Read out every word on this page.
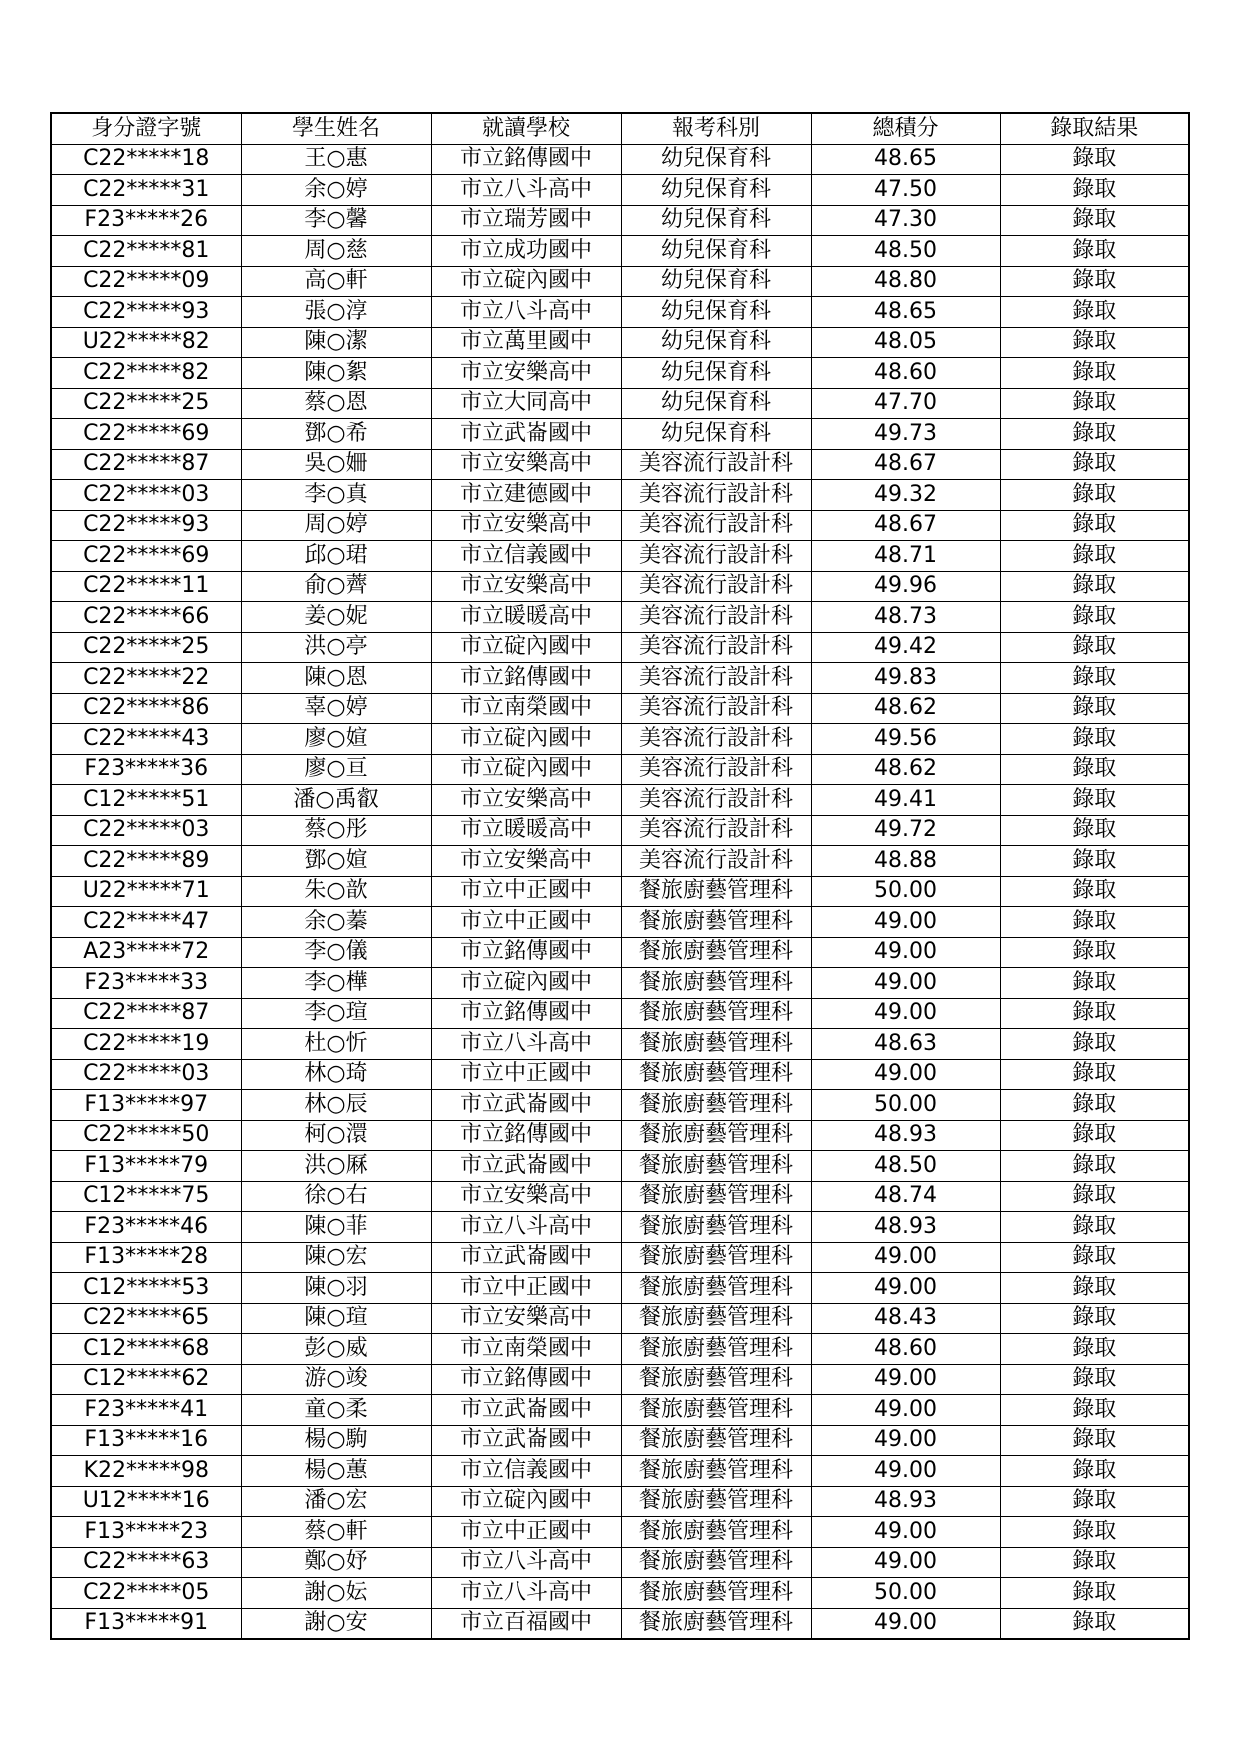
身分證字號	學生姓名	就讀學校	報考科別	總積分	錄取結果
C22*****18	王○惠	市立銘傳國中	幼兒保育科	48.65	錄取
C22*****31	余○婷	市立八斗高中	幼兒保育科	47.50	錄取
F23*****26	李○馨	市立瑞芳國中	幼兒保育科	47.30	錄取
C22*****81	周○慈	市立成功國中	幼兒保育科	48.50	錄取
C22*****09	高○軒	市立碇內國中	幼兒保育科	48.80	錄取
C22*****93	張○淳	市立八斗高中	幼兒保育科	48.65	錄取
U22*****82	陳○潔	市立萬里國中	幼兒保育科	48.05	錄取
C22*****82	陳○絮	市立安樂高中	幼兒保育科	48.60	錄取
C22*****25	蔡○恩	市立大同高中	幼兒保育科	47.70	錄取
C22*****69	鄧○希	市立武崙國中	幼兒保育科	49.73	錄取
C22*****87	吳○姍	市立安樂高中	美容流行設計科	48.67	錄取
C22*****03	李○真	市立建德國中	美容流行設計科	49.32	錄取
C22*****93	周○婷	市立安樂高中	美容流行設計科	48.67	錄取
C22*****69	邱○珺	市立信義國中	美容流行設計科	48.71	錄取
C22*****11	俞○薺	市立安樂高中	美容流行設計科	49.96	錄取
C22*****66	姜○妮	市立暖暖高中	美容流行設計科	48.73	錄取
C22*****25	洪○亭	市立碇內國中	美容流行設計科	49.42	錄取
C22*****22	陳○恩	市立銘傳國中	美容流行設計科	49.83	錄取
C22*****86	辜○婷	市立南榮國中	美容流行設計科	48.62	錄取
C22*****43	廖○媗	市立碇內國中	美容流行設計科	49.56	錄取
F23*****36	廖○亘	市立碇內國中	美容流行設計科	48.62	錄取
C12*****51	潘○禹叡	市立安樂高中	美容流行設計科	49.41	錄取
C22*****03	蔡○彤	市立暖暖高中	美容流行設計科	49.72	錄取
C22*****89	鄧○媗	市立安樂高中	美容流行設計科	48.88	錄取
U22*****71	朱○歆	市立中正國中	餐旅廚藝管理科	50.00	錄取
C22*****47	余○蓁	市立中正國中	餐旅廚藝管理科	49.00	錄取
A23*****72	李○儀	市立銘傳國中	餐旅廚藝管理科	49.00	錄取
F23*****33	李○樺	市立碇內國中	餐旅廚藝管理科	49.00	錄取
C22*****87	李○瑄	市立銘傳國中	餐旅廚藝管理科	49.00	錄取
C22*****19	杜○忻	市立八斗高中	餐旅廚藝管理科	48.63	錄取
C22*****03	林○琦	市立中正國中	餐旅廚藝管理科	49.00	錄取
F13*****97	林○辰	市立武崙國中	餐旅廚藝管理科	50.00	錄取
C22*****50	柯○澴	市立銘傳國中	餐旅廚藝管理科	48.93	錄取
F13*****79	洪○厤	市立武崙國中	餐旅廚藝管理科	48.50	錄取
C12*****75	徐○右	市立安樂高中	餐旅廚藝管理科	48.74	錄取
F23*****46	陳○菲	市立八斗高中	餐旅廚藝管理科	48.93	錄取
F13*****28	陳○宏	市立武崙國中	餐旅廚藝管理科	49.00	錄取
C12*****53	陳○羽	市立中正國中	餐旅廚藝管理科	49.00	錄取
C22*****65	陳○瑄	市立安樂高中	餐旅廚藝管理科	48.43	錄取
C12*****68	彭○威	市立南榮國中	餐旅廚藝管理科	48.60	錄取
C12*****62	游○竣	市立銘傳國中	餐旅廚藝管理科	49.00	錄取
F23*****41	童○柔	市立武崙國中	餐旅廚藝管理科	49.00	錄取
F13*****16	楊○駒	市立武崙國中	餐旅廚藝管理科	49.00	錄取
K22*****98	楊○蕙	市立信義國中	餐旅廚藝管理科	49.00	錄取
U12*****16	潘○宏	市立碇內國中	餐旅廚藝管理科	48.93	錄取
F13*****23	蔡○軒	市立中正國中	餐旅廚藝管理科	49.00	錄取
C22*****63	鄭○妤	市立八斗高中	餐旅廚藝管理科	49.00	錄取
C22*****05	謝○妘	市立八斗高中	餐旅廚藝管理科	50.00	錄取
F13*****91	謝○安	市立百福國中	餐旅廚藝管理科	49.00	錄取
